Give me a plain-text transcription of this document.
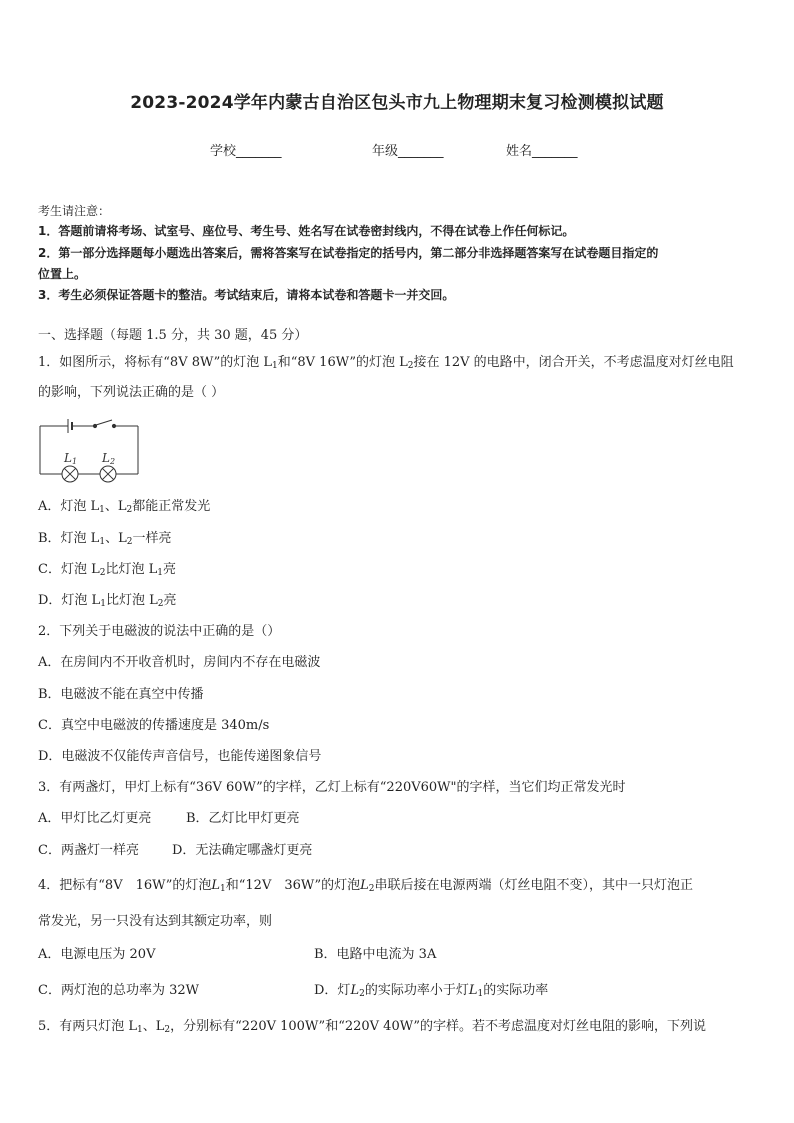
2023-2024学年内蒙古自治区包头市九上物理期末复习检测模拟试题
学校_______	年级_______	姓名_______
考生请注意：
1．答题前请将考场、试室号、座位号、考生号、姓名写在试卷密封线内，不得在试卷上作任何标记。
2．第一部分选择题每小题选出答案后，需将答案写在试卷指定的括号内，第二部分非选择题答案写在试卷题目指定的
位置上。
3．考生必须保证答题卡的整洁。考试结束后，请将本试卷和答题卡一并交回。
一、选择题（每题 1.5 分，共 30 题，45 分）
1．如图所示，将标有“8V 8W”的灯泡 $L_1$和“8V 16W”的灯泡 $L_2$接在 12V 的电路中，闭合开关，不考虑温度对灯丝电阻
的影响，下列说法正确的是（ ）
L 1 L 2
A．灯泡 $L_1$、$L_2$都能正常发光
B．灯泡 $L_1$、$L_2$一样亮
C．灯泡 $L_2$比灯泡 $L_1$亮
D．灯泡 $L_1$比灯泡 $L_2$亮
2．下列关于电磁波的说法中正确的是（）
A．在房间内不开收音机时，房间内不存在电磁波
B．电磁波不能在真空中传播
C．真空中电磁波的传播速度是 340m/s
D．电磁波不仅能传声音信号，也能传递图象信号
3．有两盏灯，甲灯上标有“36V 60W”的字样，乙灯上标有“220V60W"的字样，当它们均正常发光时
A．甲灯比乙灯更亮	B．乙灯比甲灯更亮
C．两盏灯一样亮	D．无法确定哪盏灯更亮
4．把标有“8V　16W”的灯泡$L_1$和“12V　36W”的灯泡$L_2$串联后接在电源两端（灯丝电阻不变），其中一只灯泡正
常发光，另一只没有达到其额定功率，则
A．电源电压为 20V	B．电路中电流为 3A
C．两灯泡的总功率为 32W	D．灯$L_2$的实际功率小于灯$L_1$的实际功率
5．有两只灯泡 $L_1$、$L_2$，分别标有“220V 100W”和“220V 40W”的字样。若不考虑温度对灯丝电阻的影响，下列说
